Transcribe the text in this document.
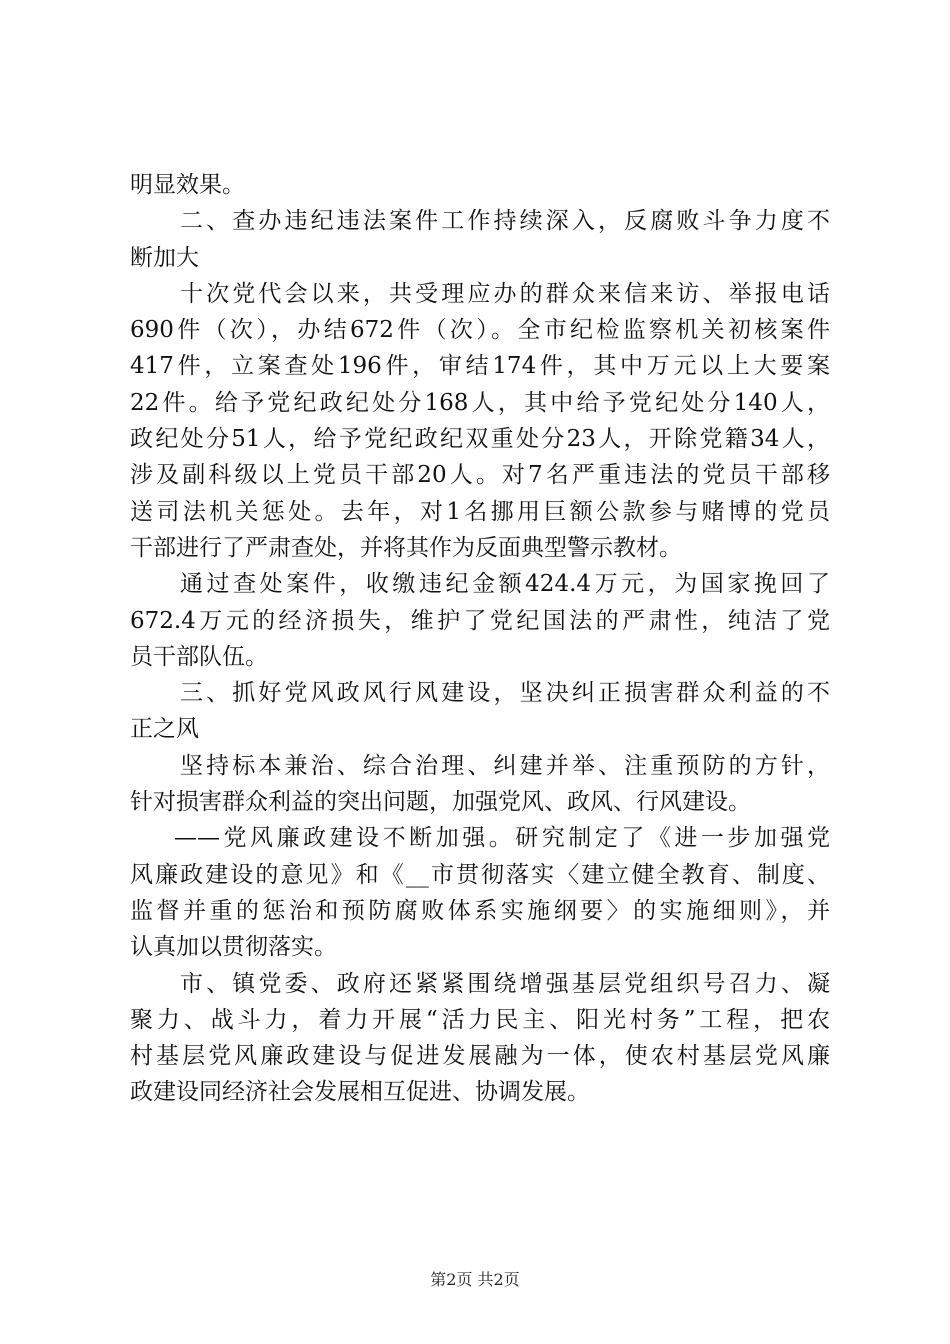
明显效果。
二、查办违纪违法案件工作持续深入，反腐败斗争力度不
断加大
十次党代会以来，共受理应办的群众来信来访、举报电话
690件（次），办结672件（次）。全市纪检监察机关初核案件
417件，立案查处196件，审结174件，其中万元以上大要案
22件。给予党纪政纪处分168人，其中给予党纪处分140人，
政纪处分51人，给予党纪政纪双重处分23人，开除党籍34人，
涉及副科级以上党员干部20人。对7名严重违法的党员干部移
送司法机关惩处。去年，对1名挪用巨额公款参与赌博的党员
干部进行了严肃查处，并将其作为反面典型警示教材。
通过查处案件，收缴违纪金额424.4万元，为国家挽回了
672.4万元的经济损失，维护了党纪国法的严肃性，纯洁了党
员干部队伍。
三、抓好党风政风行风建设，坚决纠正损害群众利益的不
正之风
坚持标本兼治、综合治理、纠建并举、注重预防的方针，
针对损害群众利益的突出问题，加强党风、政风、行风建设。
——党风廉政建设不断加强。研究制定了《进一步加强党
风廉政建设的意见》和《__市贯彻落实〈建立健全教育、制度、
监督并重的惩治和预防腐败体系实施纲要〉的实施细则》，并
认真加以贯彻落实。
市、镇党委、政府还紧紧围绕增强基层党组织号召力、凝
聚力、战斗力，着力开展“活力民主、阳光村务”工程，把农
村基层党风廉政建设与促进发展融为一体，使农村基层党风廉
政建设同经济社会发展相互促进、协调发展。
第2页 共2页
